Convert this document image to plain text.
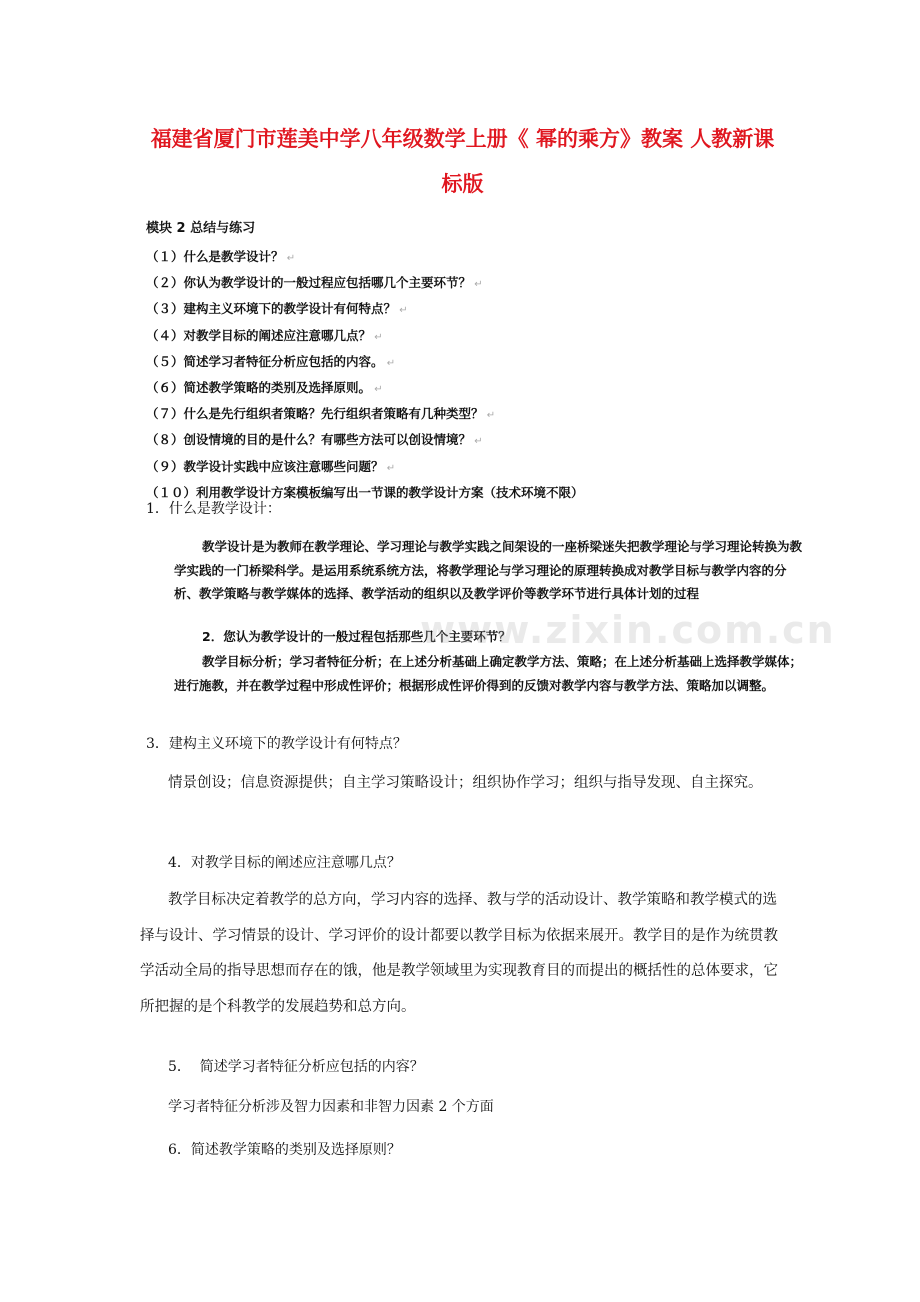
福建省厦门市莲美中学八年级数学上册《 幂的乘方》教案 人教新课
标版
模块 2 总结与练习
（１）什么是教学设计？ ↵
（２）你认为教学设计的一般过程应包括哪几个主要环节？ ↵
（３）建构主义环境下的教学设计有何特点？ ↵
（４）对教学目标的阐述应注意哪几点？ ↵
（５）简述学习者特征分析应包括的内容。 ↵
（６）简述教学策略的类别及选择原则。 ↵
（７）什么是先行组织者策略？先行组织者策略有几种类型？ ↵
（８）创设情境的目的是什么？有哪些方法可以创设情境？ ↵
（９）教学设计实践中应该注意哪些问题？ ↵
（１０）利用教学设计方案模板编写出一节课的教学设计方案（技术环境不限）
1．什么是教学设计：
教学设计是为教师在教学理论、学习理论与教学实践之间架设的一座桥梁迷失把教学理论与学习理论转换为教学实践的一门桥梁科学。是运用系统系统方法，将教学理论与学习理论的原理转换成对教学目标与教学内容的分析、教学策略与教学媒体的选择、教学活动的组织以及教学评价等教学环节进行具体计划的过程
2．您认为教学设计的一般过程包括那些几个主要环节？
教学目标分析；学习者特征分析；在上述分析基础上确定教学方法、策略；在上述分析基础上选择教学媒体；进行施教，并在教学过程中形成性评价；根据形成性评价得到的反馈对教学内容与教学方法、策略加以调整。
www.zixin.com.cn
3．建构主义环境下的教学设计有何特点？
情景创设；信息资源提供；自主学习策略设计；组织协作学习；组织与指导发现、自主探究。
4．对教学目标的阐述应注意哪几点？
教学目标决定着教学的总方向，学习内容的选择、教与学的活动设计、教学策略和教学模式的选择与设计、学习情景的设计、学习评价的设计都要以教学目标为依据来展开。教学目的是作为统贯教学活动全局的指导思想而存在的饿，他是教学领域里为实现教育目的而提出的概括性的总体要求，它所把握的是个科教学的发展趋势和总方向。
5．  简述学习者特征分析应包括的内容？
学习者特征分析涉及智力因素和非智力因素 2 个方面
6．简述教学策略的类别及选择原则？
